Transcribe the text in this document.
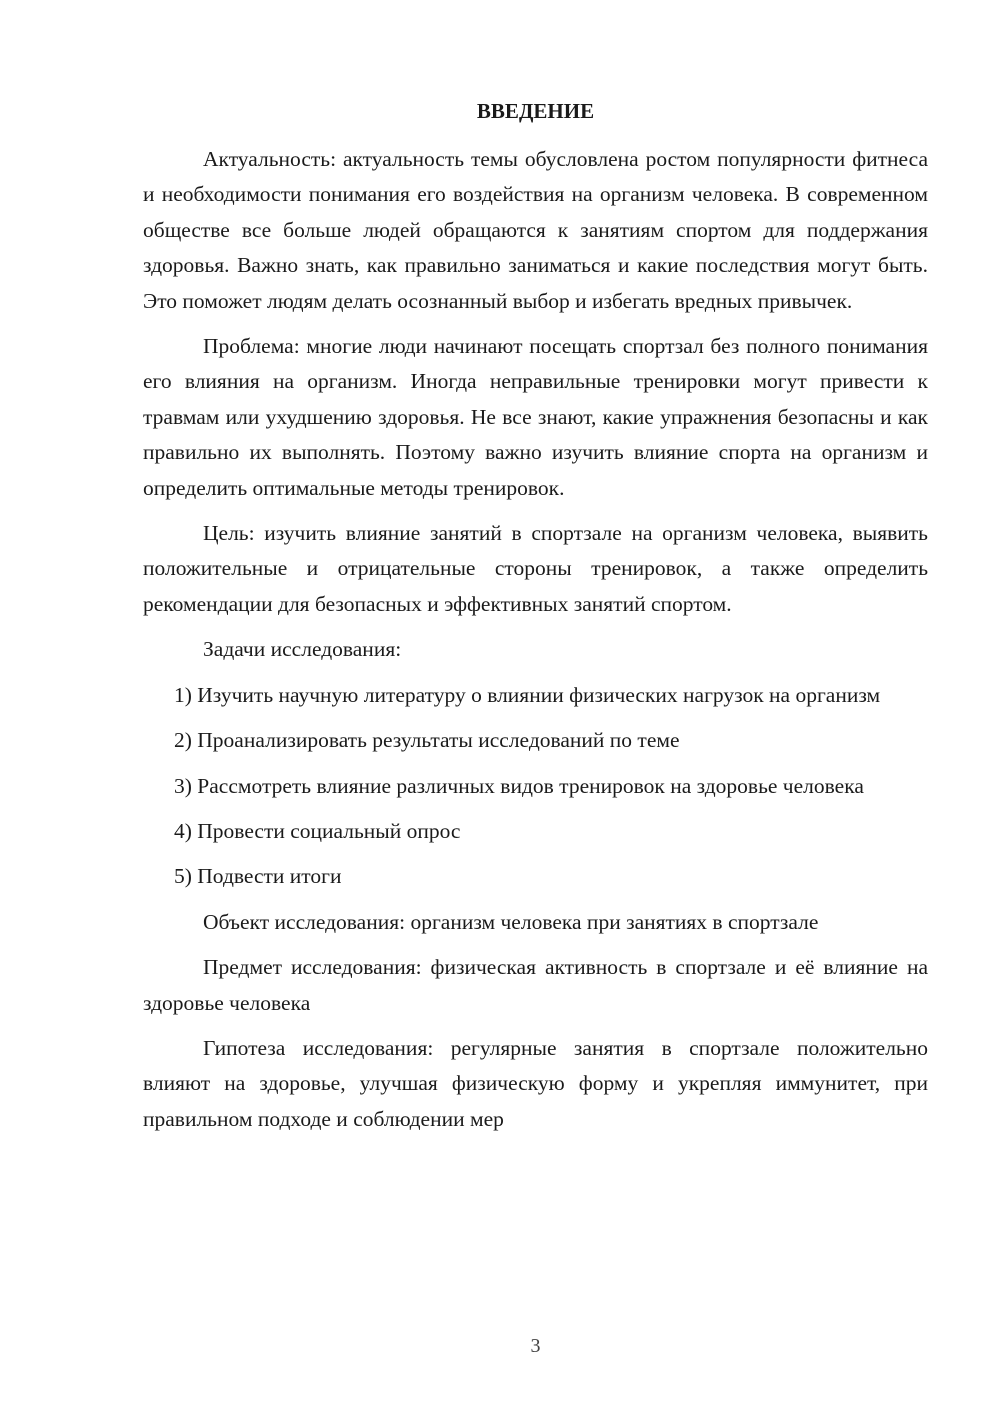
ВВЕДЕНИЕ

Актуальность: актуальность темы обусловлена ростом популярности фитнеса и необходимости понимания его воздействия на организм человека. В современном обществе все больше людей обращаются к занятиям спортом для поддержания здоровья. Важно знать, как правильно заниматься и какие последствия могут быть. Это поможет людям делать осознанный выбор и избегать вредных привычек.

Проблема: многие люди начинают посещать спортзал без полного понимания его влияния на организм. Иногда неправильные тренировки могут привести к травмам или ухудшению здоровья. Не все знают, какие упражнения безопасны и как правильно их выполнять. Поэтому важно изучить влияние спорта на организм и определить оптимальные методы тренировок.

Цель: изучить влияние занятий в спортзале на организм человека, выявить положительные и отрицательные стороны тренировок, а также определить рекомендации для безопасных и эффективных занятий спортом.

Задачи исследования:

1) Изучить научную литературу о влиянии физических нагрузок на организм

2) Проанализировать результаты исследований по теме

3) Рассмотреть влияние различных видов тренировок на здоровье человека

4) Провести социальный опрос

5) Подвести итоги

Объект исследования: организм человека при занятиях в спортзале

Предмет исследования: физическая активность в спортзале и её влияние на здоровье человека

Гипотеза исследования: регулярные занятия в спортзале положительно влияют на здоровье, улучшая физическую форму и укрепляя иммунитет, при правильном подходе и соблюдении мер

3
